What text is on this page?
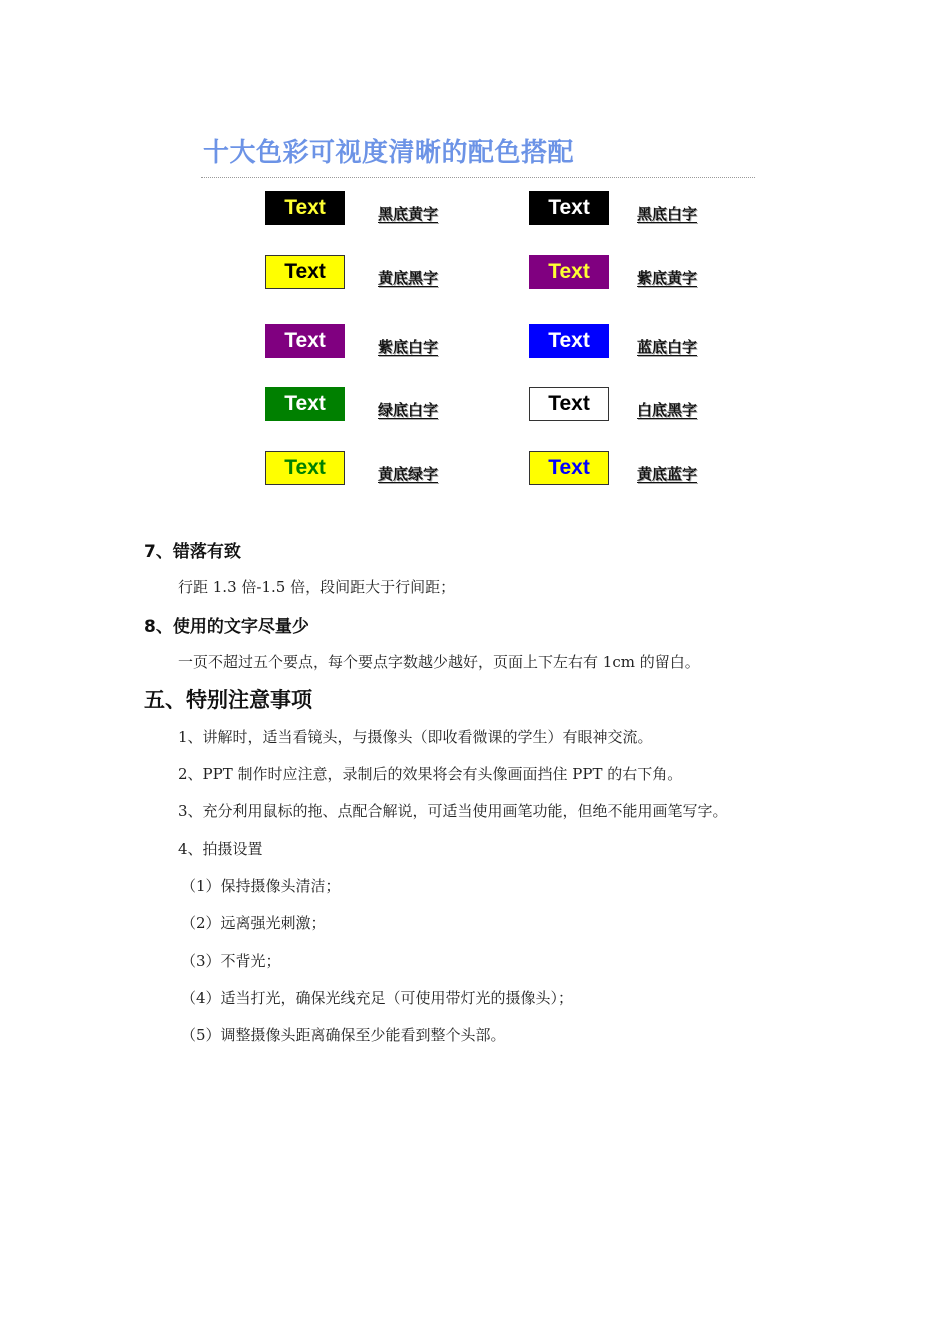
十大色彩可视度清晰的配色搭配
Text	黑底黄字	Text	黑底白字
Text	黄底黑字	Text	紫底黄字
Text	紫底白字	Text	蓝底白字
Text	绿底白字	Text	白底黑字
Text	黄底绿字	Text	黄底蓝字
7、错落有致
行距 1.3 倍-1.5 倍，段间距大于行间距；
8、使用的文字尽量少
一页不超过五个要点，每个要点字数越少越好，页面上下左右有 1cm 的留白。
五、特别注意事项
1、讲解时，适当看镜头，与摄像头（即收看微课的学生）有眼神交流。
2、PPT 制作时应注意，录制后的效果将会有头像画面挡住 PPT 的右下角。
3、充分利用鼠标的拖、点配合解说，可适当使用画笔功能，但绝不能用画笔写字。
4、拍摄设置
（1）保持摄像头清洁；
（2）远离强光刺激；
（3）不背光；
（4）适当打光，确保光线充足（可使用带灯光的摄像头）；
（5）调整摄像头距离确保至少能看到整个头部。
